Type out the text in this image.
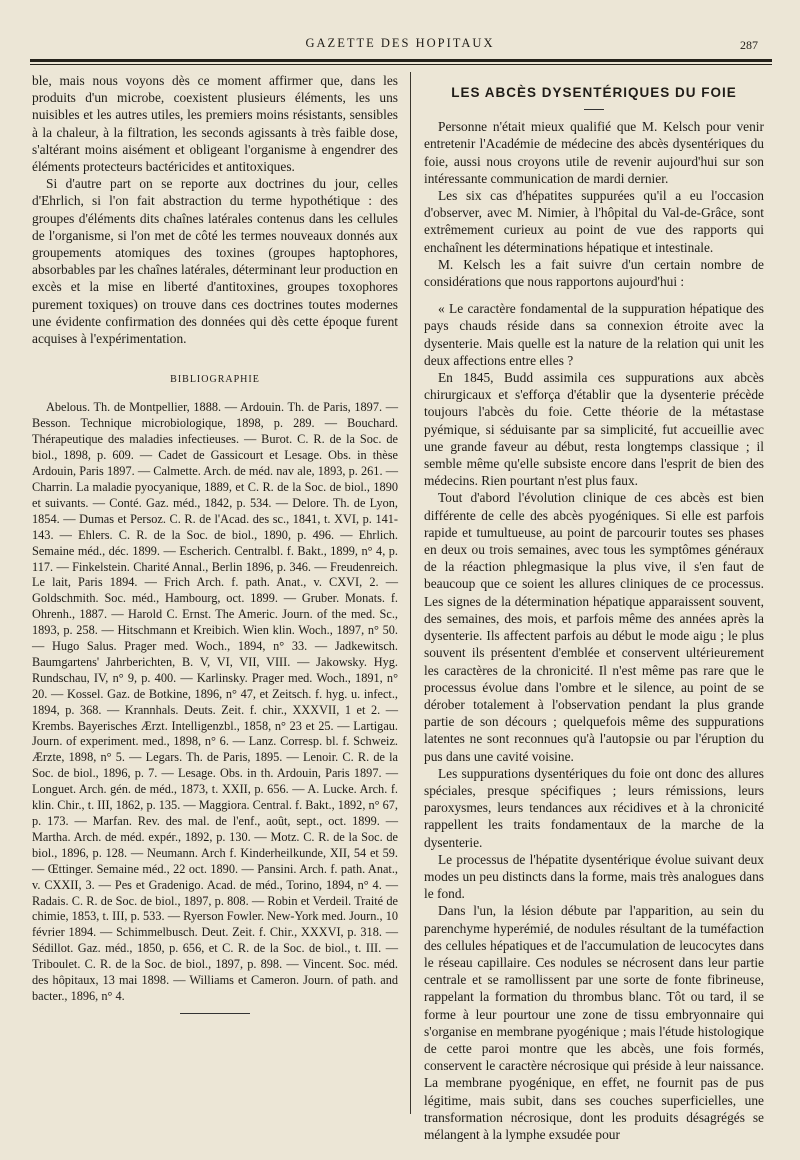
GAZETTE DES HOPITAUX	287

ble, mais nous voyons dès ce moment affirmer que, dans les produits d'un microbe, coexistent plusieurs éléments, les uns nuisibles et les autres utiles, les premiers moins résistants, sensibles à la chaleur, à la filtration, les seconds agissants à très faible dose, s'altérant moins aisément et obligeant l'organisme à engendrer des éléments protecteurs bactéricides et antitoxiques.

Si d'autre part on se reporte aux doctrines du jour, celles d'Ehrlich, si l'on fait abstraction du terme hypothétique : des groupes d'éléments dits chaînes latérales contenus dans les cellules de l'organisme, si l'on met de côté les termes nouveaux donnés aux groupements atomiques des toxines (groupes haptophores, absorbables par les chaînes latérales, déterminant leur production en excès et la mise en liberté d'antitoxines, groupes toxophores purement toxiques) on trouve dans ces doctrines toutes modernes une évidente confirmation des données qui dès cette époque furent acquises à l'expérimentation.

BIBLIOGRAPHIE

Abelous. Th. de Montpellier, 1888. — Ardouin. Th. de Paris, 1897. — Besson. Technique microbiologique, 1898, p. 289. — Bouchard. Thérapeutique des maladies infectieuses. — Burot. C. R. de la Soc. de biol., 1898, p. 609. — Cadet de Gassicourt et Lesage. Obs. in thèse Ardouin, Paris 1897. — Calmette. Arch. de méd. nav ale, 1893, p. 261. — Charrin. La maladie pyocyanique, 1889, et C. R. de la Soc. de biol., 1890 et suivants. — Conté. Gaz. méd., 1842, p. 534. — Delore. Th. de Lyon, 1854. — Dumas et Persoz. C. R. de l'Acad. des sc., 1841, t. XVI, p. 141-143. — Ehlers. C. R. de la Soc. de biol., 1890, p. 496. — Ehrlich. Semaine méd., déc. 1899. — Escherich. Centralbl. f. Bakt., 1899, n° 4, p. 117. — Finkelstein. Charité Annal., Berlin 1896, p. 346. — Freudenreich. Le lait, Paris 1894. — Frich Arch. f. path. Anat., v. CXVI, 2. — Goldschmith. Soc. méd., Hambourg, oct. 1899. — Gruber. Monats. f. Ohrenh., 1887. — Harold C. Ernst. The Americ. Journ. of the med. Sc., 1893, p. 258. — Hitschmann et Kreibich. Wien klin. Woch., 1897, n° 50. — Hugo Salus. Prager med. Woch., 1894, n° 33. — Jadkewitsch. Baumgartens' Jahrberichten, B. V, VI, VII, VIII. — Jakowsky. Hyg. Rundschau, IV, n° 9, p. 400. — Karlinsky. Prager med. Woch., 1891, n° 20. — Kossel. Gaz. de Botkine, 1896, n° 47, et Zeitsch. f. hyg. u. infect., 1894, p. 368. — Krannhals. Deuts. Zeit. f. chir., XXXVII, 1 et 2. — Krembs. Bayerisches Ærzt. Intelligenzbl., 1858, n° 23 et 25. — Lartigau. Journ. of experiment. med., 1898, n° 6. — Lanz. Corresp. bl. f. Schweiz. Ærzte, 1898, n° 5. — Legars. Th. de Paris, 1895. — Lenoir. C. R. de la Soc. de biol., 1896, p. 7. — Lesage. Obs. in th. Ardouin, Paris 1897. — Longuet. Arch. gén. de méd., 1873, t. XXII, p. 656. — A. Lucke. Arch. f. klin. Chir., t. III, 1862, p. 135. — Maggiora. Central. f. Bakt., 1892, n° 67, p. 173. — Marfan. Rev. des mal. de l'enf., août, sept., oct. 1899. — Martha. Arch. de méd. expér., 1892, p. 130. — Motz. C. R. de la Soc. de biol., 1896, p. 128. — Neumann. Arch f. Kinderheilkunde, XII, 54 et 59. — Œttinger. Semaine méd., 22 oct. 1890. — Pansini. Arch. f. path. Anat., v. CXXII, 3. — Pes et Gradenigo. Acad. de méd., Torino, 1894, n° 4. — Radais. C. R. de Soc. de biol., 1897, p. 808. — Robin et Verdeil. Traité de chimie, 1853, t. III, p. 533. — Ryerson Fowler. New-York med. Journ., 10 février 1894. — Schimmelbusch. Deut. Zeit. f. Chir., XXXVI, p. 318. — Sédillot. Gaz. méd., 1850, p. 656, et C. R. de la Soc. de biol., t. III. — Triboulet. C. R. de la Soc. de biol., 1897, p. 898. — Vincent. Soc. méd. des hôpitaux, 13 mai 1898. — Williams et Cameron. Journ. of path. and bacter., 1896, n° 4.

LES ABCÈS DYSENTÉRIQUES DU FOIE

Personne n'était mieux qualifié que M. Kelsch pour venir entretenir l'Académie de médecine des abcès dysentériques du foie, aussi nous croyons utile de revenir aujourd'hui sur son intéressante communication de mardi dernier.

Les six cas d'hépatites suppurées qu'il a eu l'occasion d'observer, avec M. Nimier, à l'hôpital du Val-de-Grâce, sont extrêmement curieux au point de vue des rapports qui enchaînent les déterminations hépatique et intestinale.

M. Kelsch les a fait suivre d'un certain nombre de considérations que nous rapportons aujourd'hui :

« Le caractère fondamental de la suppuration hépatique des pays chauds réside dans sa connexion étroite avec la dysenterie. Mais quelle est la nature de la relation qui unit les deux affections entre elles ?

En 1845, Budd assimila ces suppurations aux abcès chirurgicaux et s'efforça d'établir que la dysenterie précède toujours l'abcès du foie. Cette théorie de la métastase pyémique, si séduisante par sa simplicité, fut accueillie avec une grande faveur au début, resta longtemps classique ; il semble même qu'elle subsiste encore dans l'esprit de bien des médecins. Rien pourtant n'est plus faux.

Tout d'abord l'évolution clinique de ces abcès est bien différente de celle des abcès pyogéniques. Si elle est parfois rapide et tumultueuse, au point de parcourir toutes ses phases en deux ou trois semaines, avec tous les symptômes généraux de la réaction phlegmasique la plus vive, il s'en faut de beaucoup que ce soient les allures cliniques de ce processus. Les signes de la détermination hépatique apparaissent souvent, des semaines, des mois, et parfois même des années après la dysenterie. Ils affectent parfois au début le mode aigu ; le plus souvent ils présentent d'emblée et conservent ultérieurement les caractères de la chronicité. Il n'est même pas rare que le processus évolue dans l'ombre et le silence, au point de se dérober totalement à l'observation pendant la plus grande partie de son décours ; quelquefois même des suppurations latentes ne sont reconnues qu'à l'autopsie ou par l'éruption du pus dans une cavité voisine.

Les suppurations dysentériques du foie ont donc des allures spéciales, presque spécifiques ; leurs rémissions, leurs paroxysmes, leurs tendances aux récidives et à la chronicité rappellent les traits fondamentaux de la marche de la dysenterie.

Le processus de l'hépatite dysentérique évolue suivant deux modes un peu distincts dans la forme, mais très analogues dans le fond.

Dans l'un, la lésion débute par l'apparition, au sein du parenchyme hyperémié, de nodules résultant de la tuméfaction des cellules hépatiques et de l'accumulation de leucocytes dans le réseau capillaire. Ces nodules se nécrosent dans leur partie centrale et se ramollissent par une sorte de fonte fibrineuse, rappelant la formation du thrombus blanc. Tôt ou tard, il se forme à leur pourtour une zone de tissu embryonnaire qui s'organise en membrane pyogénique ; mais l'étude histologique de cette paroi montre que les abcès, une fois formés, conservent le caractère nécrosique qui préside à leur naissance. La membrane pyogénique, en effet, ne fournit pas de pus légitime, mais subit, dans ses couches superficielles, une transformation nécrosique, dont les produits désagrégés se mélangent à la lymphe exsudée pour
